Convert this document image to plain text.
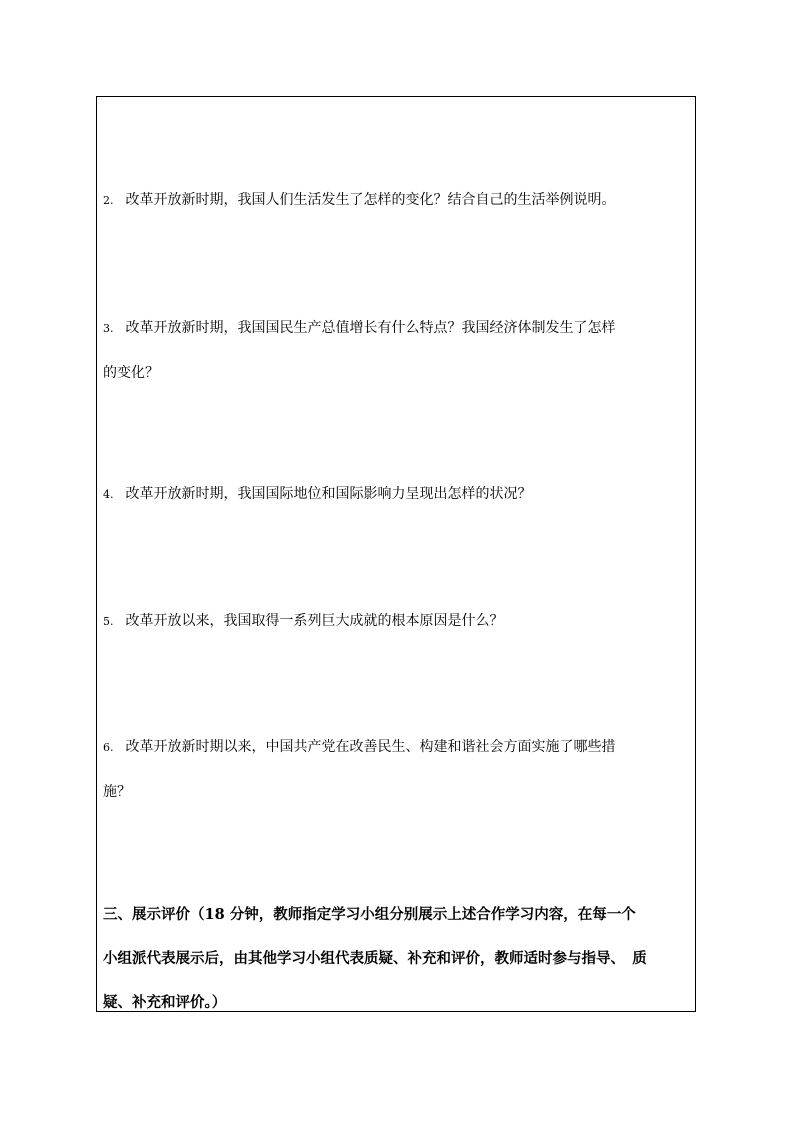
2. 改革开放新时期，我国人们生活发生了怎样的变化？结合自己的生活举例说明。

3. 改革开放新时期，我国国民生产总值增长有什么特点？我国经济体制发生了怎样
的变化？

4. 改革开放新时期，我国国际地位和国际影响力呈现出怎样的状况？

5. 改革开放以来，我国取得一系列巨大成就的根本原因是什么？

6. 改革开放新时期以来，中国共产党在改善民生、构建和谐社会方面实施了哪些措
施？
三、展示评价（18 分钟，教师指定学习小组分别展示上述合作学习内容，在每一个
小组派代表展示后，由其他学习小组代表质疑、补充和评价，教师适时参与指导、　质
疑、补充和评价。）
